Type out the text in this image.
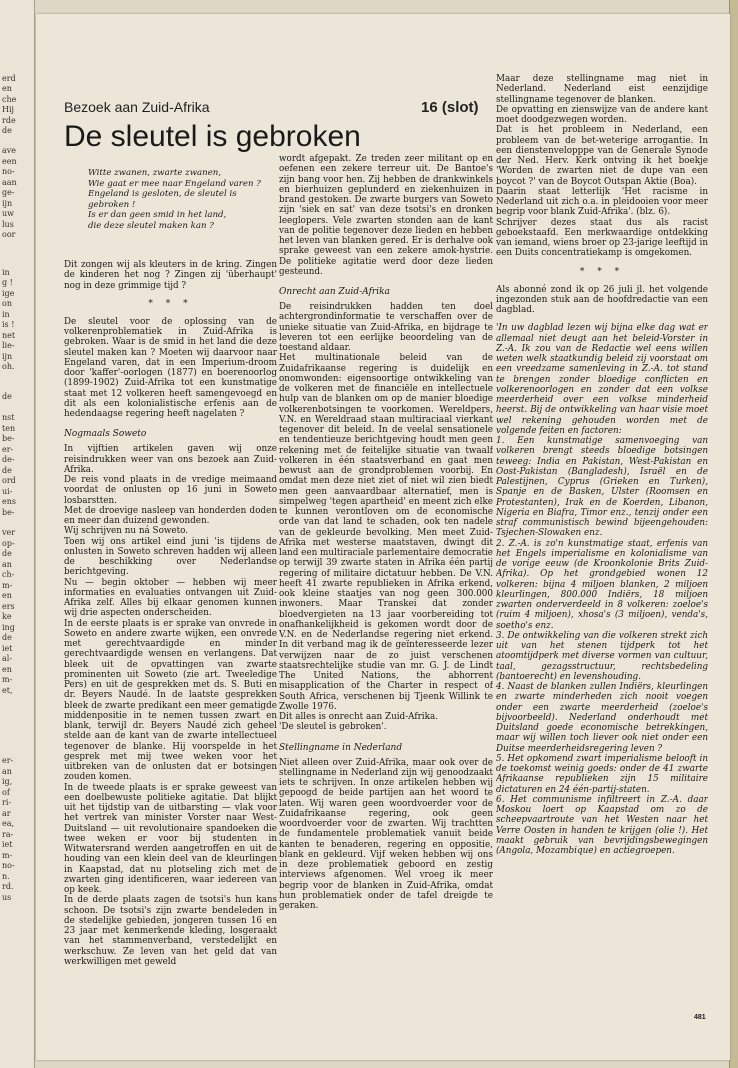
erd
en
che
Hij
rde
de
ave
een
no-
aan
ge-
ijn
uw
lus
oor
in
g !
ige
on
in
is !
net
lie-
ijn
oh.
de
nst
ten
be-
er-
de-
de
ord
ui-
ens
be-
ver
op-
de
an
ch-
m-
en
ers
ke
ing
de
iet
al-
en
m-
et,
er-
an
ig,
of
ri-
ar
ea,
ra-
iet
m-
no-
n.
rd.
us

Dit zongen wij als kleuters in de kring. Zingen de kinderen het nog ? Zingen zij 'überhaupt' nog in deze grimmige tijd ?

* * *

De sleutel voor de oplossing van de volkerenproblematiek in Zuid-Afrika is gebroken. Waar is de smid in het land die deze sleutel maken kan ? Moeten wij daarvoor naar Engeland varen, dat in een Imperium-droom door 'kaffer'-oorlogen (1877) en boerenoorlog (1899-1902) Zuid-Afrika tot een kunstmatige staat met 12 volkeren heeft samengevoegd en dit als een kolonialistische erfenis aan de hedendaagse regering heeft nagelaten ?

Nogmaals Soweto

In vijftien artikelen gaven wij onze reisindrukken weer van ons bezoek aan Zuid-Afrika.

De reis vond plaats in de vredige meimaand voordat de onlusten op 16 juni in Soweto losbarstten.

Met de droevige nasleep van honderden doden en meer dan duizend gewonden.

Wij schrijven nu ná Soweto.

Toen wij ons artikel eind juni 'is tijdens de onlusten in Soweto schreven hadden wij alleen de beschikking over Nederlandse berichtgeving.

Nu — begin oktober — hebben wij meer informaties en evaluaties ontvangen uit Zuid-Afrika zelf. Alles bij elkaar genomen kunnen wij drie aspecten onderscheiden.

In de eerste plaats is er sprake van onvrede in Soweto en andere zwarte wijken, een onvrede met gerechtvaardigde en minder gerechtvaardigde wensen en verlangens. Dat bleek uit de opvattingen van zwarte prominenten uit Soweto (zie art. Tweeledige Pers) en uit de gesprekken met ds. S. Buti en dr. Beyers Naudé. In de laatste gesprekken bleek de zwarte predikant een meer gematigde middenpositie in te nemen tussen zwart en blank, terwijl dr. Beyers Naudé zich geheel stelde aan de kant van de zwarte intellectueel tegenover de blanke. Hij voorspelde in het gesprek met mij twee weken voor het uitbreken van de onlusten dat er botsingen zouden komen.

In de tweede plaats is er sprake geweest van een doelbewuste politieke agitatie. Dat blijkt uit het tijdstip van de uitbarsting — vlak voor het vertrek van minister Vorster naar West-Duitsland — uit revolutionaire spandoeken die twee weken er voor bij studenten in Witwatersrand werden aangetroffen en uit de houding van een klein deel van de kleurlingen in Kaapstad, dat nu plotseling zich met de zwarten ging identificeren, waar iedereen van op keek.

In de derde plaats zagen de tsotsi's hun kans schoon. De tsotsi's zijn zwarte bendeleden in de stedelijke gebieden, jongeren tussen 16 en 23 jaar met kenmerkende kleding, losgeraakt van het stammenverband, verstedelijkt en werkschuw. Ze leven van het geld dat van werkwilligen met geweld

Bezoek aan Zuid-Afrika	16 (slot)
De sleutel is gebroken
Witte zwanen, zwarte zwanen,
Wie gaat er mee naar Engeland varen ?
Engeland is gesloten, de sleutel is
gebroken !
Is er dan geen smid in het land,
die deze sleutel maken kan ?

wordt afgepakt. Ze treden zeer militant op en oefenen een zekere terreur uit. De Bantoe's zijn bang voor hen. Zij hebben de drankwinkels en bierhuizen geplunderd en ziekenhuizen in brand gestoken. De zwarte burgers van Soweto zijn 'siek en sat' van deze tsotsi's en dronken leeglopers. Vele zwarten stonden aan de kant van de politie tegenover deze lieden en hebben het leven van blanken gered. Er is derhalve ook sprake geweest van een zekere amok-hystrie. De politieke agitatie werd door deze lieden gesteund.

Onrecht aan Zuid-Afrika

De reisindrukken hadden ten doel achtergrondinformatie te verschaffen over de unieke situatie van Zuid-Afrika, en bijdrage te leveren tot een eerlijke beoordeling van de toestand aldaar.

Het multinationale beleid van de Zuidafrikaanse regering is duidelijk en onomwonden: eigensoortige ontwikkeling van de volkeren met de financiële en intellectuele hulp van de blanken om op de manier bloedige volkerenbotsingen te voorkomen. Wereldpers, V.N. en Wereldraad staan multiraciaal vierkant tegenover dit beleid. In de veelal sensationele en tendentieuze berichtgeving houdt men geen rekening met de feitelijke situatie van twaalf volkeren in één staatsverband en gaat men bewust aan de grondproblemen voorbij. En omdat men deze niet ziet of niet wil zien biedt men geen aanvaardbaar alternatief, men is simpelweg 'tegen apartheid' en meent zich elke te kunnen verontloven om de economische orde van dat land te schaden, ook ten nadele van de gekleurde bevolking. Men meet Zuid-Afrika met westerse maatstaven, dwingt dit land een multiraciale parlementaire democratie op terwijl 39 zwarte staten in Afrika één partij regering of militaire dictatuur hebben. De V.N. heeft 41 zwarte republieken in Afrika erkend, ook kleine staatjes van nog geen 300.000 inwoners. Maar Transkei dat zonder bloedvergieten na 13 jaar voorbereiding tot onafhankelijkheid is gekomen wordt door de V.N. en de Nederlandse regering niet erkend. In dit verband mag ik de geïnteresseerde lezer verwijzen naar de zo juist verschenen staatsrechtelijke studie van mr. G. J. de Lindt The United Nations, the abhorrent misapplication of the Charter in respect of South Africa, verschenen bij Tjeenk Willink te Zwolle 1976.

Dit alles is onrecht aan Zuid-Afrika.

'De sleutel is gebroken'.

Stellingname in Nederland

Niet alleen over Zuid-Afrika, maar ook over de stellingname in Nederland zijn wij genoodzaakt iets te schrijven. In onze artikelen hebben wij gepoogd de beide partijen aan het woord te laten. Wij waren geen woordvoerder voor de Zuidafrikaanse regering, ook geen woordvoerder voor de zwarten. Wij trachtten de fundamentele problematiek vanuit beide kanten te benaderen, regering en oppositie, blank en gekleurd. Vijf weken hebben wij ons in deze problematiek geboord en zestig interviews afgenomen. Wel vroeg ik meer begrip voor de blanken in Zuid-Afrika, omdat hun problematiek onder de tafel dreigde te geraken.

Maar deze stellingname mag niet in Nederland. Nederland eist eenzijdige stellingname tegenover de blanken.

De opvatting en zienswijze van de andere kant moet doodgezwegen worden.

Dat is het probleem in Nederland, een probleem van de bet-weterige arrogantie. In een dienstenvelopppe van de Generale Synode der Ned. Herv. Kerk ontving ik het boekje 'Worden de zwarten niet de dupe van een boycot ?' van de Boycot Outspan Aktie (Boa).

Daarin staat letterlijk 'Het racisme in Nederland uit zich o.a. in pleidooien voor meer begrip voor blank Zuid-Afrika'. (blz. 6).

Schrijver dezes staat dus als racist geboekstaafd. Een merkwaardige ontdekking van iemand, wiens broer op 23-jarige leeftijd in een Duits concentratiekamp is omgekomen.

* * *

Als abonné zond ik op 26 juli jl. het volgende ingezonden stuk aan de hoofdredactie van een dagblad.

'In uw dagblad lezen wij bijna elke dag wat er allemaal niet deugt aan het beleid-Vorster in Z.-A. Ik zou van de Redactie wel eens willen weten welk staatkundig beleid zij voorstaat om een vreedzame samenleving in Z.-A. tot stand te brengen zonder bloedige conflicten en volkerenoorlogen en zonder dat een volkse meerderheid over een volkse minderheid heerst. Bij de ontwikkeling van haar visie moet wel rekening gehouden worden met de volgende feiten en factoren:

1. Een kunstmatige samenvoeging van volkeren brengt steeds bloedige botsingen teweeg: India en Pakistan, West-Pakistan en Oost-Pakistan (Bangladesh), Israël en de Palestijnen, Cyprus (Grieken en Turken), Spanje en de Basken, Ulster (Roomsen en Protestanten), Irak en de Koerden, Libanon, Nigeria en Biafra, Timor enz., tenzij onder een straf communistisch bewind bijeengehouden: Tsjechen-Slowaken enz.

2. Z.-A. is zo'n kunstmatige staat, erfenis van het Engels imperialisme en kolonialisme van de vorige eeuw (de Kroonkolonie Brits Zuid-Afrika). Op het grondgebied wonen 12 volkeren: bijna 4 miljoen blanken, 2 miljoen kleurlingen, 800.000 Indiërs, 18 miljoen zwarten onderverdeeld in 8 volkeren: zoeloe's (ruim 4 miljoen), xhosa's (3 miljoen), venda's, soetho's enz.

3. De ontwikkeling van die volkeren strekt zich uit van het stenen tijdperk tot het atoomtijdperk met diverse vormen van cultuur, taal, gezagsstructuur, rechtsbedeling (bantoerecht) en levenshouding.

4. Naast de blanken zullen Indiërs, kleurlingen en zwarte minderheden zich nooit voegen onder een zwarte meerderheid (zoeloe's bijvoorbeeld). Nederland onderhoudt met Duitsland goede economische betrekkingen, maar wij willen toch liever ook niet onder een Duitse meerderheidsregering leven ?

5. Het opkomend zwart imperialisme belooft in de toekomst weinig goeds: onder de 41 zwarte Afrikaanse republieken zijn 15 militaire dictaturen en 24 één-partij-staten.

6. Het communisme infiltreert in Z.-A. daar Moskou loert op Kaapstad om zo de scheepvaartroute van het Westen naar het Verre Oosten in handen te krijgen (olie !). Het maakt gebruik van bevrijdingsbewegingen (Angola, Mozambique) en actiegroepen.

481
